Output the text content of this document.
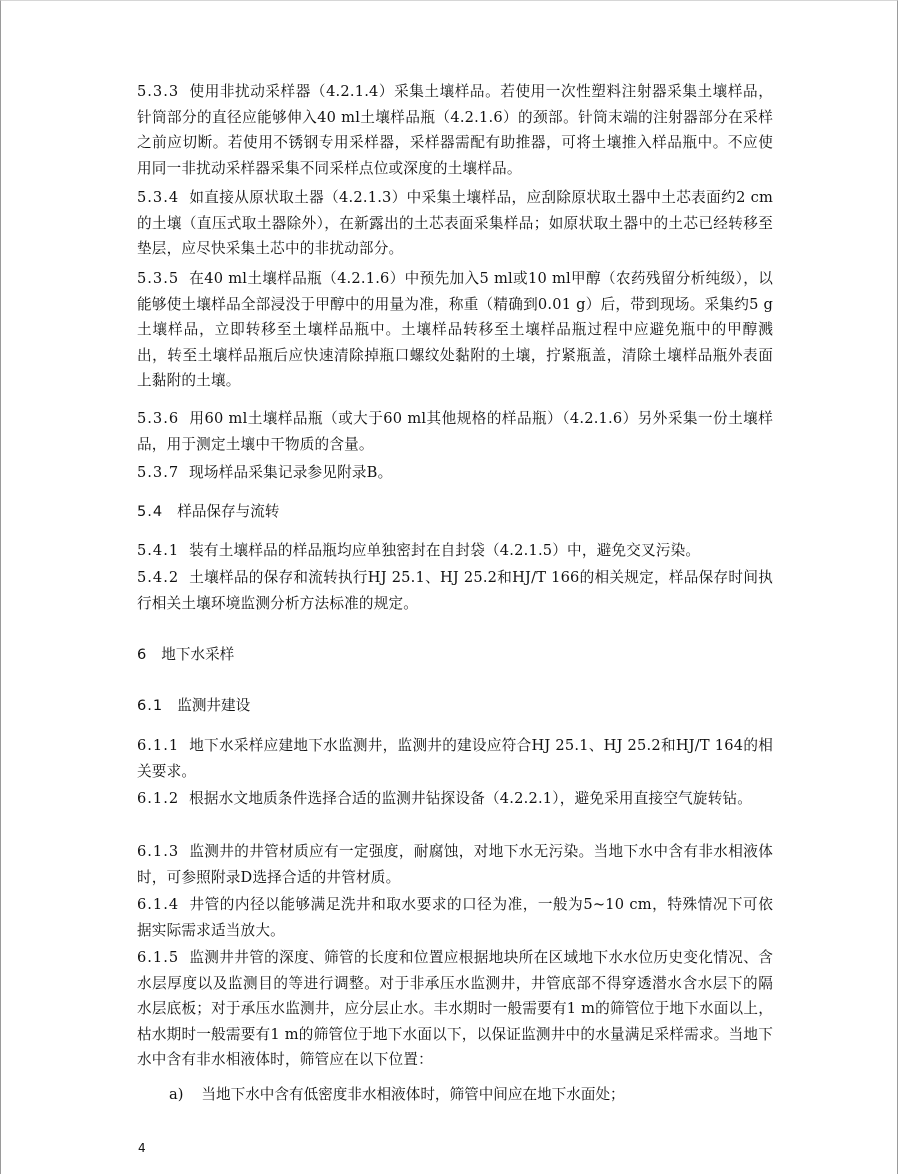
5.3.3 使用非扰动采样器（4.2.1.4）采集土壤样品。若使用一次性塑料注射器采集土壤样品，针筒部分的直径应能够伸入40 ml土壤样品瓶（4.2.1.6）的颈部。针筒末端的注射器部分在采样之前应切断。若使用不锈钢专用采样器，采样器需配有助推器，可将土壤推入样品瓶中。不应使用同一非扰动采样器采集不同采样点位或深度的土壤样品。

5.3.4 如直接从原状取土器（4.2.1.3）中采集土壤样品，应刮除原状取土器中土芯表面约2 cm的土壤（直压式取土器除外），在新露出的土芯表面采集样品；如原状取土器中的土芯已经转移至垫层，应尽快采集土芯中的非扰动部分。

5.3.5 在40 ml土壤样品瓶（4.2.1.6）中预先加入5 ml或10 ml甲醇（农药残留分析纯级），以能够使土壤样品全部浸没于甲醇中的用量为准，称重（精确到0.01 g）后，带到现场。采集约5 g土壤样品，立即转移至土壤样品瓶中。土壤样品转移至土壤样品瓶过程中应避免瓶中的甲醇溅出，转至土壤样品瓶后应快速清除掉瓶口螺纹处黏附的土壤，拧紧瓶盖，清除土壤样品瓶外表面上黏附的土壤。

5.3.6 用60 ml土壤样品瓶（或大于60 ml其他规格的样品瓶）（4.2.1.6）另外采集一份土壤样品，用于测定土壤中干物质的含量。

5.3.7 现场样品采集记录参见附录B。

5.4 样品保存与流转

5.4.1 装有土壤样品的样品瓶均应单独密封在自封袋（4.2.1.5）中，避免交叉污染。

5.4.2 土壤样品的保存和流转执行HJ 25.1、HJ 25.2和HJ/T 166的相关规定，样品保存时间执行相关土壤环境监测分析方法标准的规定。

6 地下水采样

6.1 监测井建设

6.1.1 地下水采样应建地下水监测井，监测井的建设应符合HJ 25.1、HJ 25.2和HJ/T 164的相关要求。

6.1.2 根据水文地质条件选择合适的监测井钻探设备（4.2.2.1），避免采用直接空气旋转钻。

6.1.3 监测井的井管材质应有一定强度，耐腐蚀，对地下水无污染。当地下水中含有非水相液体时，可参照附录D选择合适的井管材质。

6.1.4 井管的内径以能够满足洗井和取水要求的口径为准，一般为5~10 cm，特殊情况下可依据实际需求适当放大。

6.1.5 监测井井管的深度、筛管的长度和位置应根据地块所在区域地下水水位历史变化情况、含水层厚度以及监测目的等进行调整。对于非承压水监测井，井管底部不得穿透潜水含水层下的隔水层底板；对于承压水监测井，应分层止水。丰水期时一般需要有1 m的筛管位于地下水面以上，枯水期时一般需要有1 m的筛管位于地下水面以下，以保证监测井中的水量满足采样需求。当地下水中含有非水相液体时，筛管应在以下位置：

a) 当地下水中含有低密度非水相液体时，筛管中间应在地下水面处；

4
